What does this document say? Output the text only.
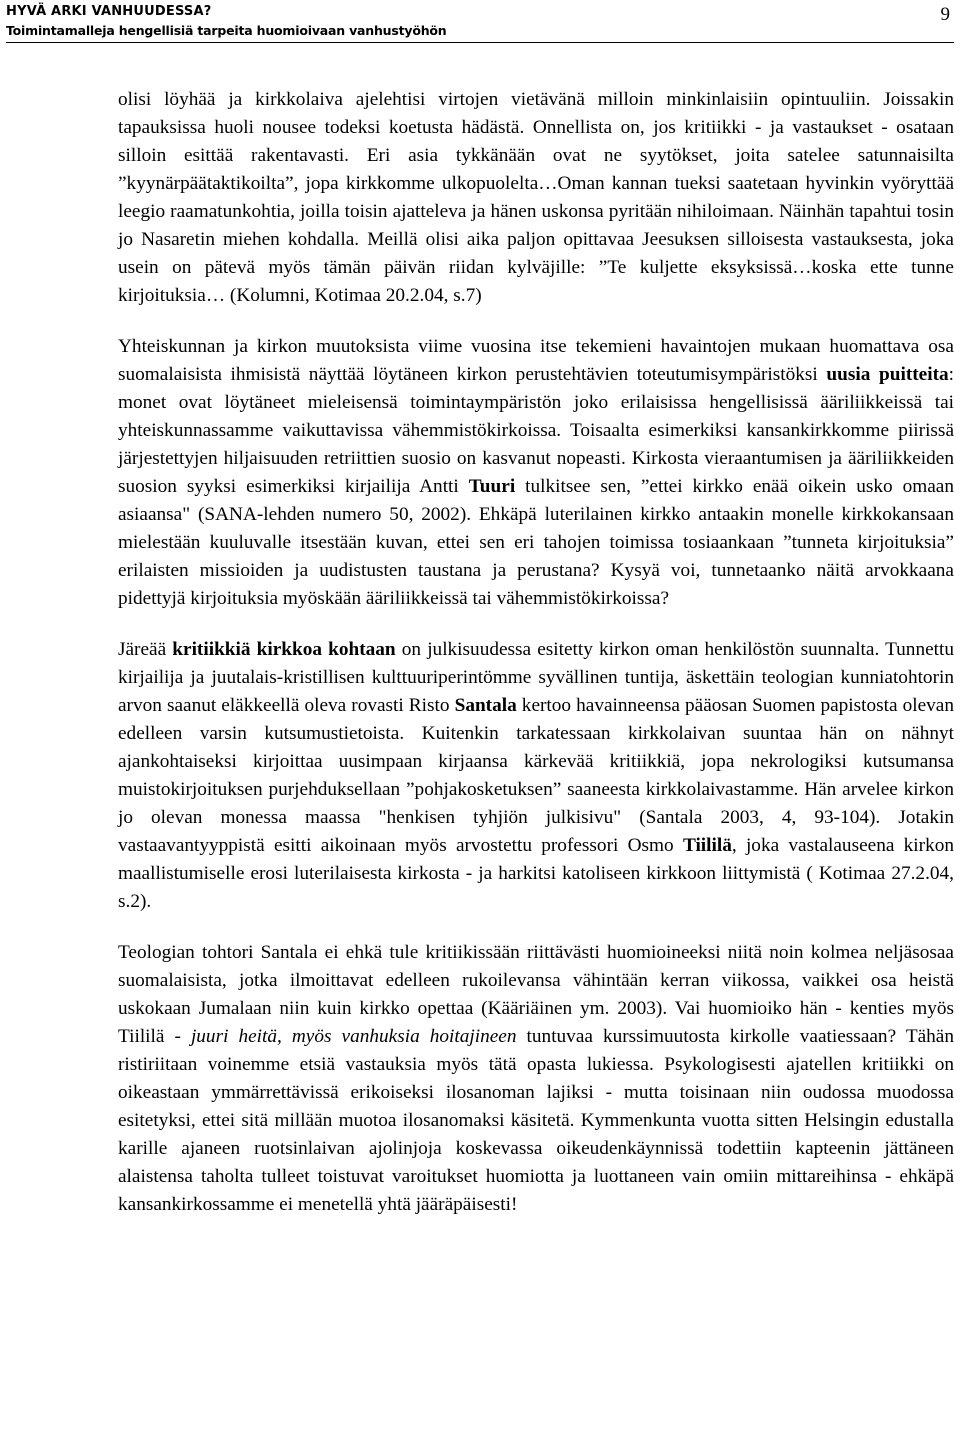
HYVÄ ARKI VANHUUDESSA?
Toimintamalleja hengellisiä tarpeita huomioivaan vanhustyöhön
9

olisi löyhää ja kirkkolaiva ajelehtisi virtojen vietävänä milloin minkinlaisiin opintuuliin. Joissakin tapauksissa huoli nousee todeksi koetusta hädästä. Onnellista on, jos kritiikki - ja vastaukset - osataan silloin esittää rakentavasti. Eri asia tykkänään ovat ne syytökset, joita satelee satunnaisilta ”kyynärpäätaktikoilta”, jopa kirkkomme ulkopuolelta…Oman kannan tueksi saatetaan hyvinkin vyöryttää leegio raamatunkohtia, joilla toisin ajatteleva ja hänen uskonsa pyritään nihiloimaan. Näinhän tapahtui tosin jo Nasaretin miehen kohdalla. Meillä olisi aika paljon opittavaa Jeesuksen silloisesta vastauksesta, joka usein on pätevä myös tämän päivän riidan kylväjille: ”Te kuljette eksyksissä…koska ette tunne kirjoituksia… (Kolumni, Kotimaa 20.2.04, s.7)

Yhteiskunnan ja kirkon muutoksista viime vuosina itse tekemieni havaintojen mukaan huomattava osa suomalaisista ihmisistä näyttää löytäneen kirkon perustehtävien toteutumisympäristöksi uusia puitteita: monet ovat löytäneet mieleisensä toimintaympäristön joko erilaisissa hengellisissä ääriliikkeissä tai yhteiskunnassamme vaikuttavissa vähemmistökirkoissa. Toisaalta esimerkiksi kansankirkkomme piirissä järjestettyjen hiljaisuuden retriittien suosio on kasvanut nopeasti. Kirkosta vieraantumisen ja ääriliikkeiden suosion syyksi esimerkiksi kirjailija Antti Tuuri tulkitsee sen, ”ettei kirkko enää oikein usko omaan asiaansa" (SANA-lehden numero 50, 2002). Ehkäpä luterilainen kirkko antaakin monelle kirkkokansaan mielestään kuuluvalle itsestään kuvan, ettei sen eri tahojen toimissa tosiaankaan ”tunneta kirjoituksia” erilaisten missioiden ja uudistusten taustana ja perustana? Kysyä voi, tunnetaanko näitä arvokkaana pidettyjä kirjoituksia myöskään ääriliikkeissä tai vähemmistökirkoissa?

Järeää kritiikkiä kirkkoa kohtaan on julkisuudessa esitetty kirkon oman henkilöstön suunnalta. Tunnettu kirjailija ja juutalais-kristillisen kulttuuriperintömme syvällinen tuntija, äskettäin teologian kunniatohtorin arvon saanut eläkkeellä oleva rovasti Risto Santala kertoo havainneensa pääosan Suomen papistosta olevan edelleen varsin kutsumustietoista. Kuitenkin tarkatessaan kirkkolaivan suuntaa hän on nähnyt ajankohtaiseksi kirjoittaa uusimpaan kirjaansa kärkevää kritiikkiä, jopa nekrologiksi kutsumansa muistokirjoituksen purjehduksellaan ”pohjakosketuksen” saaneesta kirkkolaivastamme. Hän arvelee kirkon jo olevan monessa maassa "henkisen tyhjiön julkisivu" (Santala 2003, 4, 93-104). Jotakin vastaavantyyppistä esitti aikoinaan myös arvostettu professori Osmo Tiililä, joka vastalauseena kirkon maallistumiselle erosi luterilaisesta kirkosta - ja harkitsi katoliseen kirkkoon liittymistä ( Kotimaa 27.2.04, s.2).

Teologian tohtori Santala ei ehkä tule kritiikissään riittävästi huomioineeksi niitä noin kolmea neljäsosaa suomalaisista, jotka ilmoittavat edelleen rukoilevansa vähintään kerran viikossa, vaikkei osa heistä uskokaan Jumalaan niin kuin kirkko opettaa (Kääriäinen ym. 2003). Vai huomioiko hän - kenties myös Tiililä - juuri heitä, myös vanhuksia hoitajineen tuntuvaa kurssimuutosta kirkolle vaatiessaan? Tähän ristiriitaan voinemme etsiä vastauksia myös tätä opasta lukiessa. Psykologisesti ajatellen kritiikki on oikeastaan ymmärrettävissä erikoiseksi ilosanoman lajiksi - mutta toisinaan niin oudossa muodossa esitetyksi, ettei sitä millään muotoa ilosanomaksi käsitetä. Kymmenkunta vuotta sitten Helsingin edustalla karille ajaneen ruotsinlaivan ajolinjoja koskevassa oikeudenkäynnissä todettiin kapteenin jättäneen alaistensa taholta tulleet toistuvat varoitukset huomiotta ja luottaneen vain omiin mittareihinsa - ehkäpä kansankirkossamme ei menetellä yhtä jääräpäisesti!
